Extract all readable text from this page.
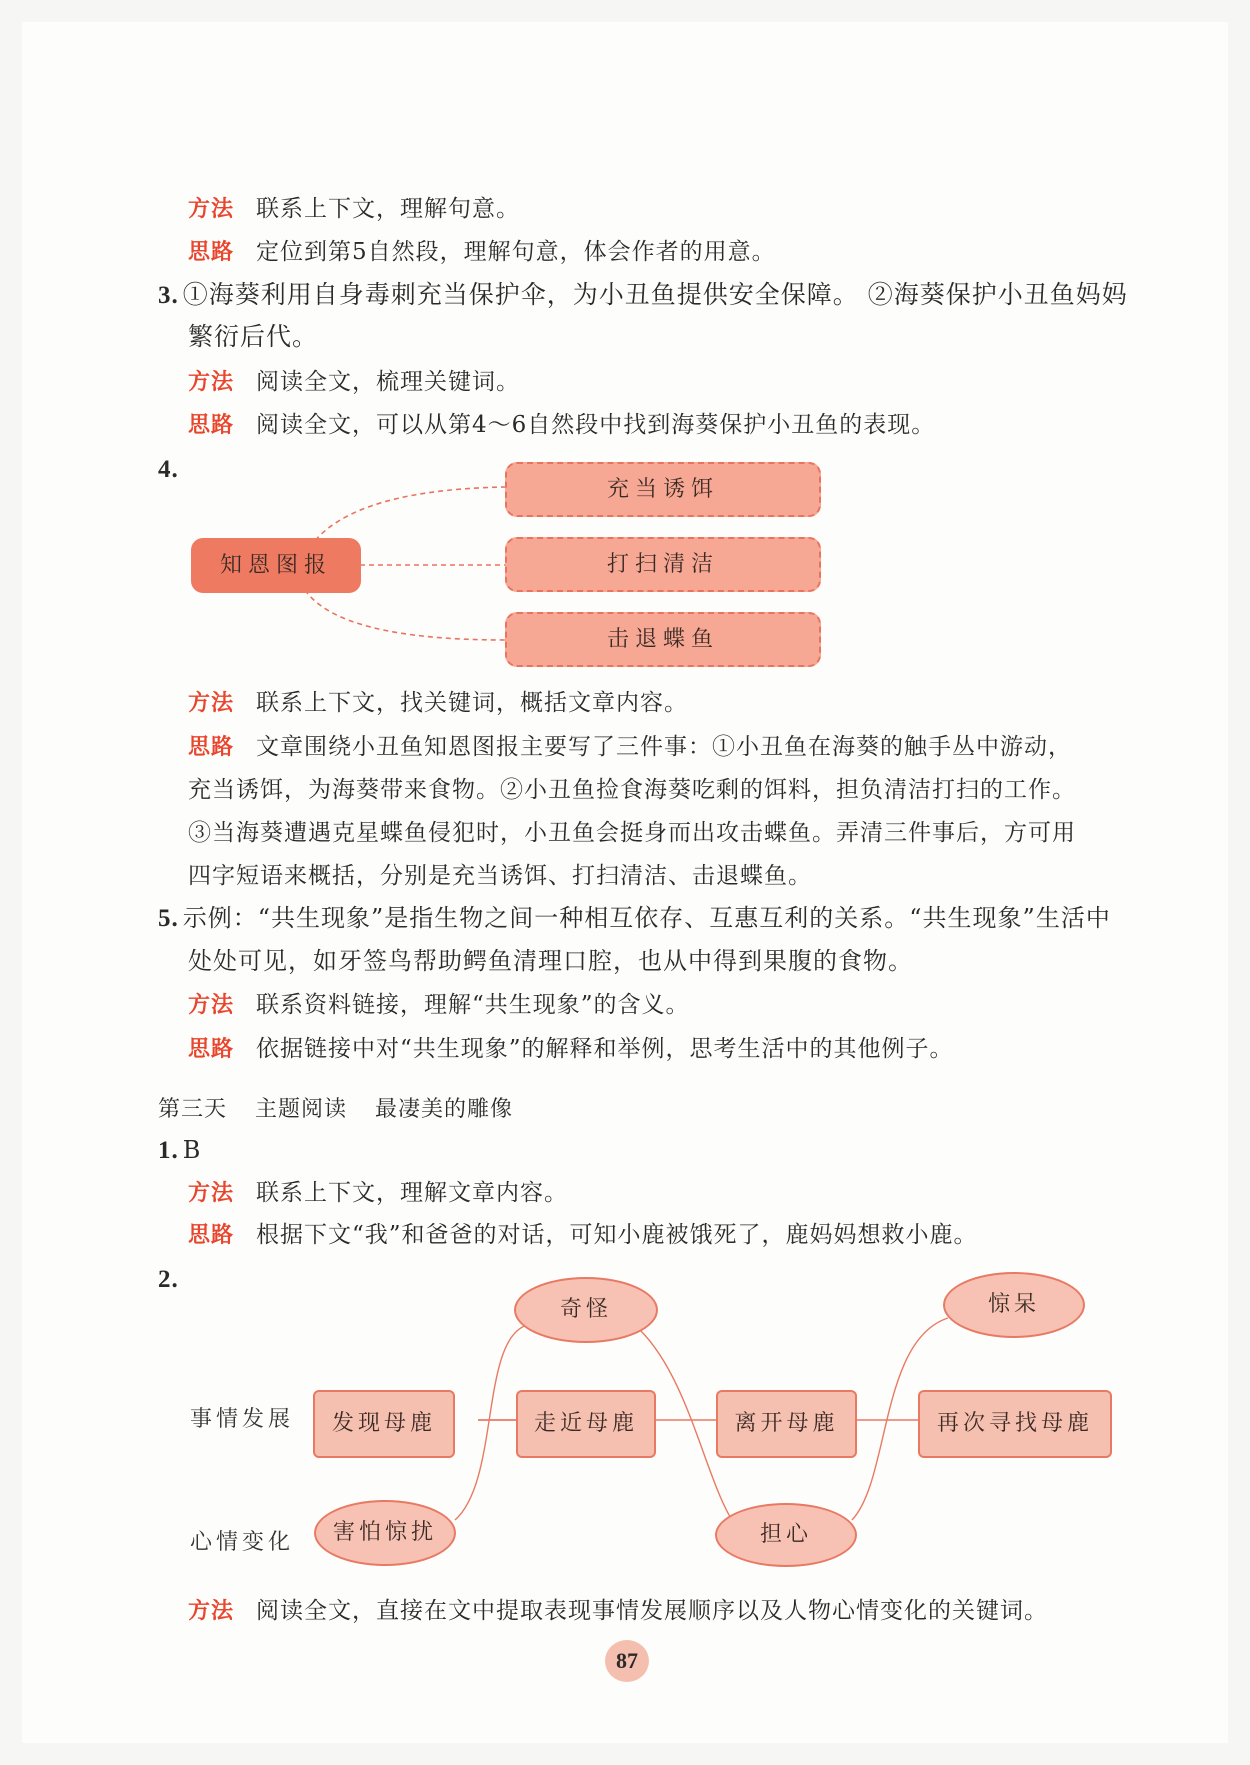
方法 联系上下文，理解句意。
思路 定位到第5自然段，理解句意，体会作者的用意。
3. ①海葵利用自身毒刺充当保护伞，为小丑鱼提供安全保障。 ②海葵保护小丑鱼妈妈
繁衍后代。
方法 阅读全文，梳理关键词。
思路 阅读全文，可以从第4～6自然段中找到海葵保护小丑鱼的表现。
4.
知恩图报
充当诱饵
打扫清洁
击退蝶鱼
方法 联系上下文，找关键词，概括文章内容。
思路 文章围绕小丑鱼知恩图报主要写了三件事：①小丑鱼在海葵的触手丛中游动，
充当诱饵，为海葵带来食物。②小丑鱼捡食海葵吃剩的饵料，担负清洁打扫的工作。
③当海葵遭遇克星蝶鱼侵犯时，小丑鱼会挺身而出攻击蝶鱼。弄清三件事后，方可用
四字短语来概括，分别是充当诱饵、打扫清洁、击退蝶鱼。
5. 示例：“共生现象”是指生物之间一种相互依存、互惠互利的关系。“共生现象”生活中
处处可见，如牙签鸟帮助鳄鱼清理口腔，也从中得到果腹的食物。
方法 联系资料链接，理解“共生现象”的含义。
思路 依据链接中对“共生现象”的解释和举例，思考生活中的其他例子。
第三天 主题阅读 最凄美的雕像
1. B
方法 联系上下文，理解文章内容。
思路 根据下文“我”和爸爸的对话，可知小鹿被饿死了，鹿妈妈想救小鹿。
2.
事情发展
心情变化
发现母鹿	走近母鹿	离开母鹿	再次寻找母鹿
奇怪	惊呆
害怕惊扰	担心
方法 阅读全文，直接在文中提取表现事情发展顺序以及人物心情变化的关键词。
87
